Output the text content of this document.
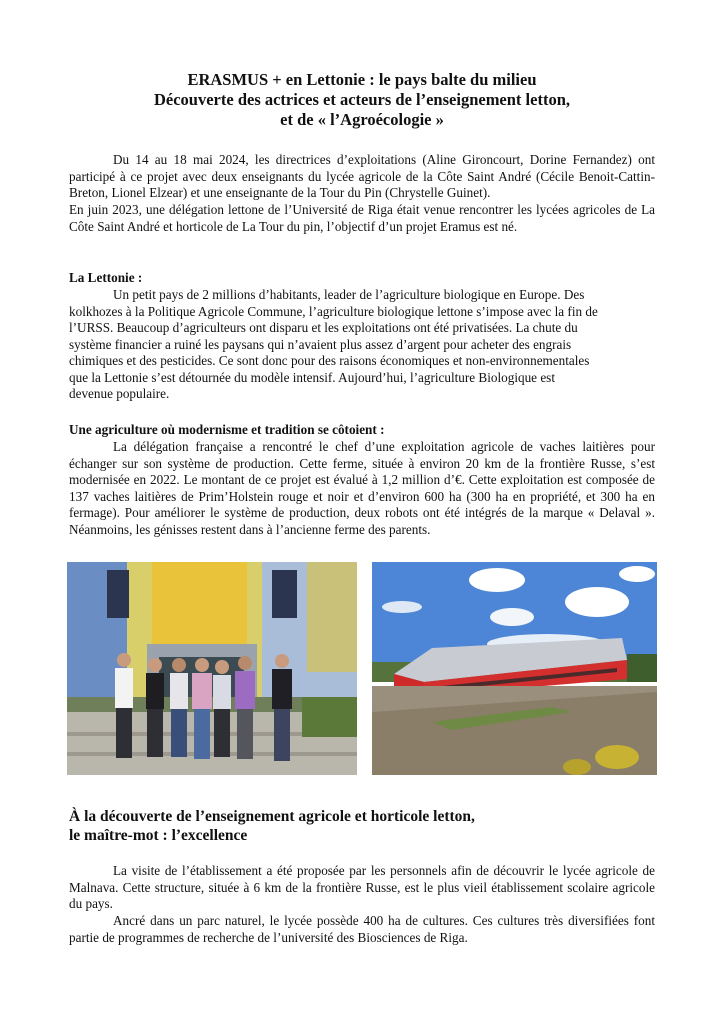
ERASMUS + en Lettonie : le pays balte du milieu
Découverte des actrices et acteurs de l’enseignement letton,
et de « l’Agroécologie »

Du 14 au 18 mai 2024, les directrices d’exploitations (Aline Gironcourt, Dorine Fernandez) ont participé à ce projet avec deux enseignants du lycée agricole de la Côte Saint André (Cécile Benoit-Cattin-Breton, Lionel Elzear) et une enseignante de la Tour du Pin (Chrystelle Guinet).

En juin 2023, une délégation lettone de l’Université de Riga était venue rencontrer les lycées agricoles de La Côte Saint André et horticole de La Tour du pin, l’objectif d’un projet Eramus est né.

La Lettonie :
Un petit pays de 2 millions d’habitants, leader de l’agriculture biologique en Europe. Des
kolkhozes à la Politique Agricole Commune, l’agriculture biologique lettone s’impose avec la fin de
l’URSS. Beaucoup d’agriculteurs ont disparu et les exploitations ont été privatisées. La chute du
système financier a ruiné les paysans qui n’avaient plus assez d’argent pour acheter des engrais
chimiques et des pesticides. Ce sont donc pour des raisons économiques et non-environnementales
que la Lettonie s’est détournée du modèle intensif. Aujourd’hui, l’agriculture Biologique est
devenue populaire.
Une agriculture où modernisme et tradition se côtoient :

La délégation française a rencontré le chef d’une exploitation agricole de vaches laitières pour échanger sur son système de production. Cette ferme, située à environ 20 km de la frontière Russe, s’est modernisée en 2022. Le montant de ce projet est évalué à 1,2 million d’€. Cette exploitation est composée de 137 vaches laitières de Prim’Holstein rouge et noir et d’environ 600 ha (300 ha en propriété, et 300 ha en fermage). Pour améliorer le système de production, deux robots ont été intégrés de la marque « Delaval ». Néanmoins, les génisses restent dans à l’ancienne ferme des parents.

À la découverte de l’enseignement agricole et horticole letton,
le maître-mot : l’excellence

La visite de l’établissement a été proposée par les personnels afin de découvrir le lycée agricole de Malnava. Cette structure, située à 6 km de la frontière Russe, est le plus vieil établissement scolaire agricole du pays.

Ancré dans un parc naturel, le lycée possède 400 ha de cultures. Ces cultures très diversifiées font partie de programmes de recherche de l’université des Biosciences de Riga.
